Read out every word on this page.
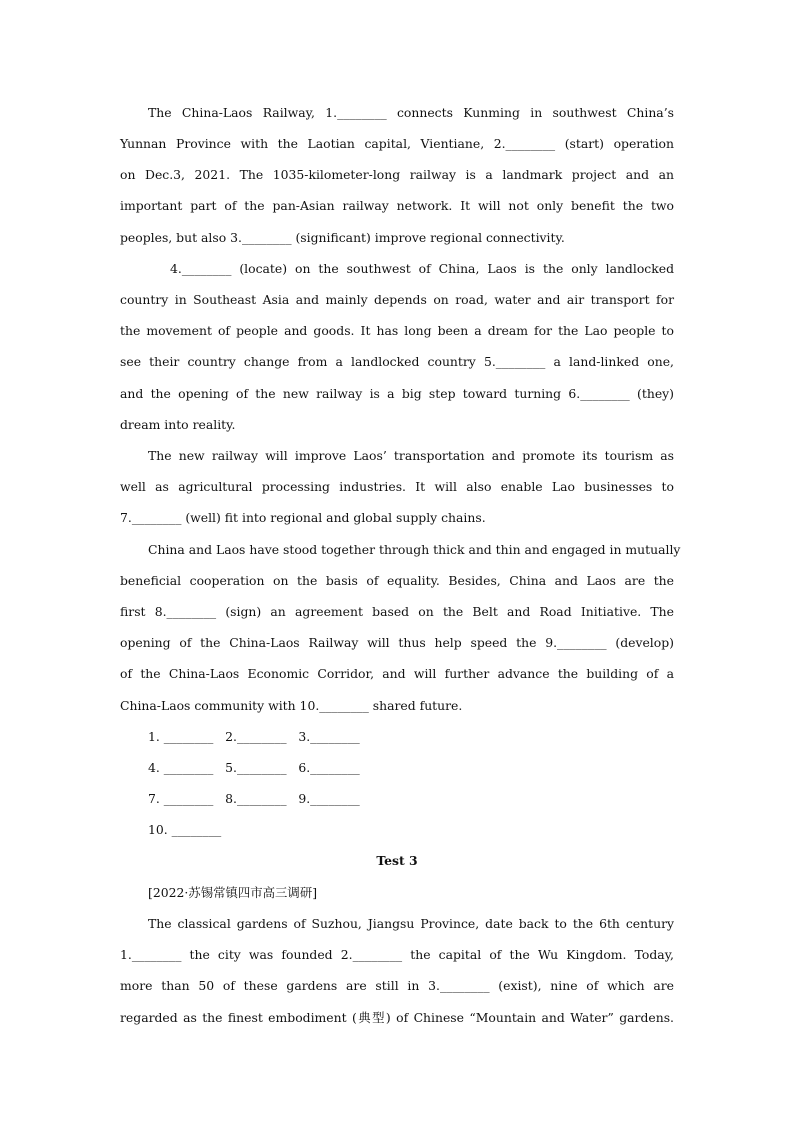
The China-Laos Railway, 1.________ connects Kunming in southwest China’s
Yunnan Province with the Laotian capital, Vientiane, 2.________ (start) operation
on Dec.3, 2021. The 1035-kilometer-long railway is a landmark project and an
important part of the pan-Asian railway network. It will not only benefit the two
peoples, but also 3.________ (significant) improve regional connectivity.
4.________ (locate) on the southwest of China, Laos is the only landlocked
country in Southeast Asia and mainly depends on road, water and air transport for
the movement of people and goods. It has long been a dream for the Lao people to
see their country change from a landlocked country 5.________ a land-linked one,
and the opening of the new railway is a big step toward turning 6.________ (they)
dream into reality.
The new railway will improve Laos’ transportation and promote its tourism as
well as agricultural processing industries. It will also enable Lao businesses to
7.________ (well) fit into regional and global supply chains.
China and Laos have stood together through thick and thin and engaged in mutually
beneficial cooperation on the basis of equality. Besides, China and Laos are the
first 8.________ (sign) an agreement based on the Belt and Road Initiative. The
opening of the China-Laos Railway will thus help speed the 9.________ (develop)
of the China-Laos Economic Corridor, and will further advance the building of a
China-Laos community with 10.________ shared future.
1. ________   2.________   3.________
4. ________   5.________   6.________
7. ________   8.________   9.________
10. ________
Test 3
[2022·苏锡常镇四市高三调研]
The classical gardens of Suzhou, Jiangsu Province, date back to the 6th century
1.________ the city was founded 2.________ the capital of the Wu Kingdom. Today,
more than 50 of these gardens are still in 3.________ (exist), nine of which are
regarded as the finest embodiment (典型) of Chinese “Mountain and Water” gardens.
